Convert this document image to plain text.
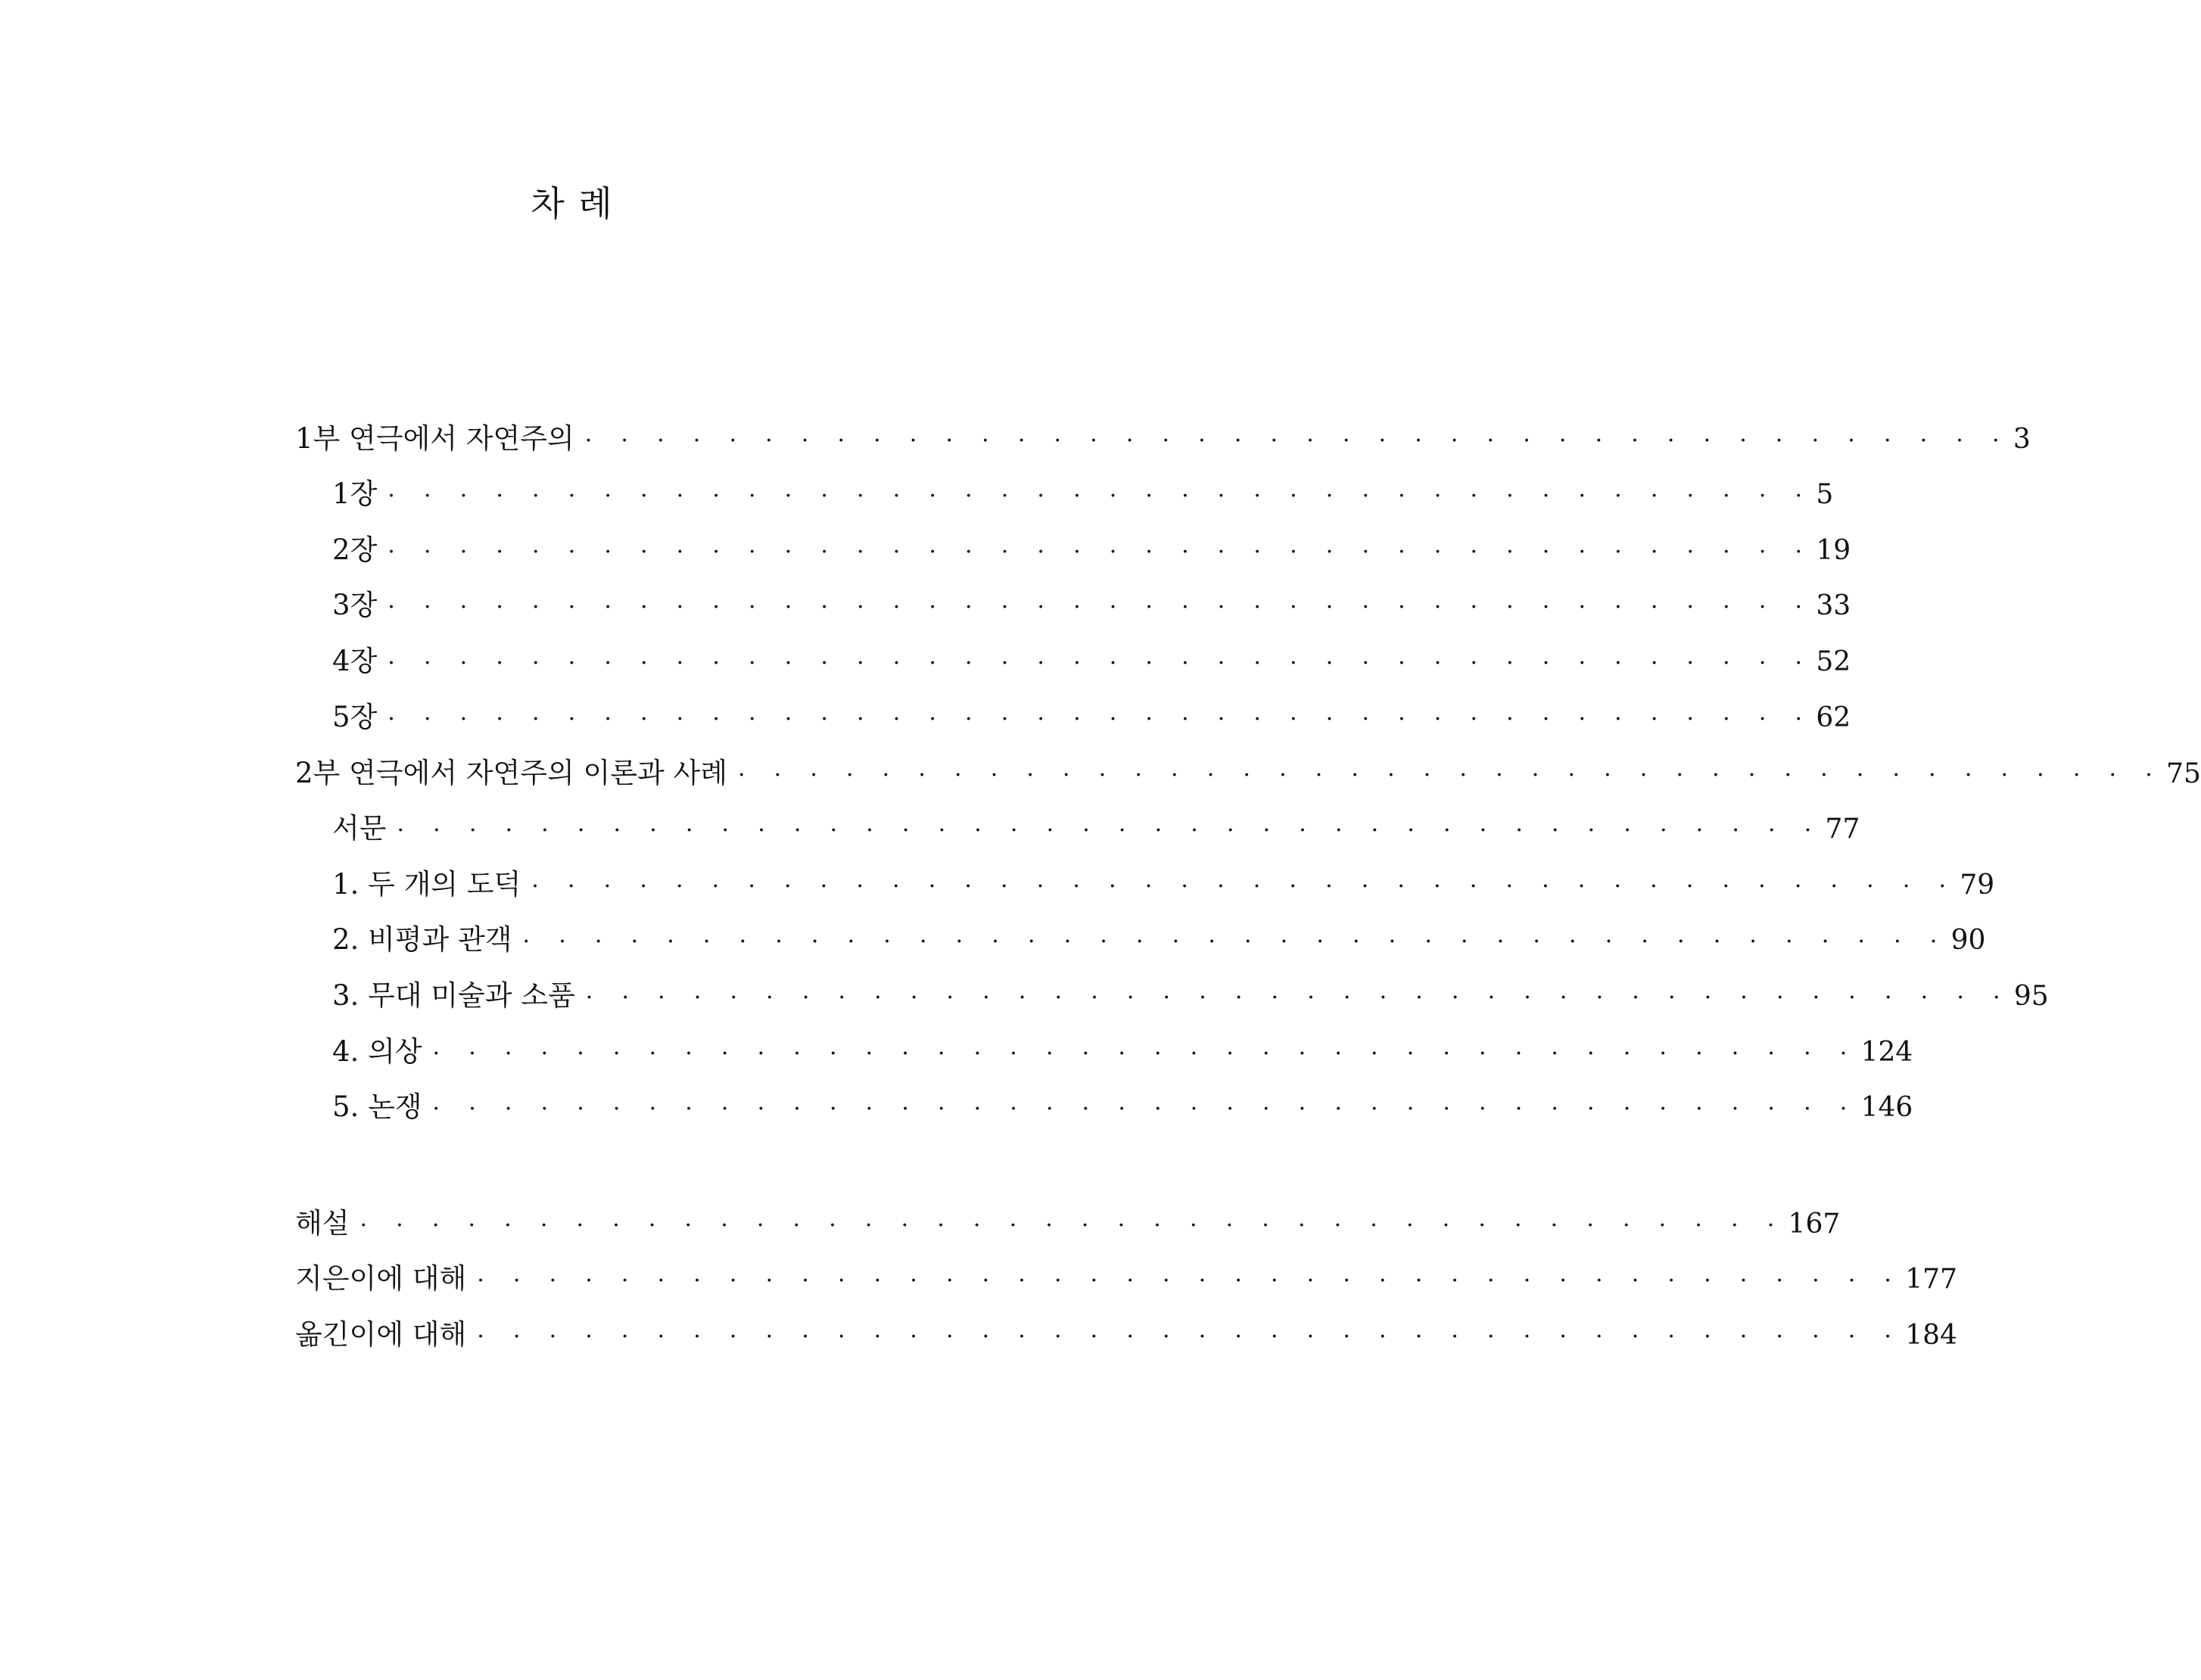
차 례
1부 연극에서 자연주의 · · · · · · · · · · · · · · · · · · · · · · · · · · · · · · · · · · · · · · · · 3
1장 · · · · · · · · · · · · · · · · · · · · · · · · · · · · · · · · · · · · · · · · 5
2장 · · · · · · · · · · · · · · · · · · · · · · · · · · · · · · · · · · · · · · · · 19
3장 · · · · · · · · · · · · · · · · · · · · · · · · · · · · · · · · · · · · · · · · 33
4장 · · · · · · · · · · · · · · · · · · · · · · · · · · · · · · · · · · · · · · · · 52
5장 · · · · · · · · · · · · · · · · · · · · · · · · · · · · · · · · · · · · · · · · 62
2부 연극에서 자연주의 이론과 사례 · · · · · · · · · · · · · · · · · · · · · · · · · · · · · · · · · · · · · · · · 75
서문 · · · · · · · · · · · · · · · · · · · · · · · · · · · · · · · · · · · · · · · · 77
1. 두 개의 도덕 · · · · · · · · · · · · · · · · · · · · · · · · · · · · · · · · · · · · · · · · 79
2. 비평과 관객 · · · · · · · · · · · · · · · · · · · · · · · · · · · · · · · · · · · · · · · · 90
3. 무대 미술과 소품 · · · · · · · · · · · · · · · · · · · · · · · · · · · · · · · · · · · · · · · · 95
4. 의상 · · · · · · · · · · · · · · · · · · · · · · · · · · · · · · · · · · · · · · · · 124
5. 논쟁 · · · · · · · · · · · · · · · · · · · · · · · · · · · · · · · · · · · · · · · · 146
해설 · · · · · · · · · · · · · · · · · · · · · · · · · · · · · · · · · · · · · · · · 167
지은이에 대해 · · · · · · · · · · · · · · · · · · · · · · · · · · · · · · · · · · · · · · · · 177
옮긴이에 대해 · · · · · · · · · · · · · · · · · · · · · · · · · · · · · · · · · · · · · · · · 184
